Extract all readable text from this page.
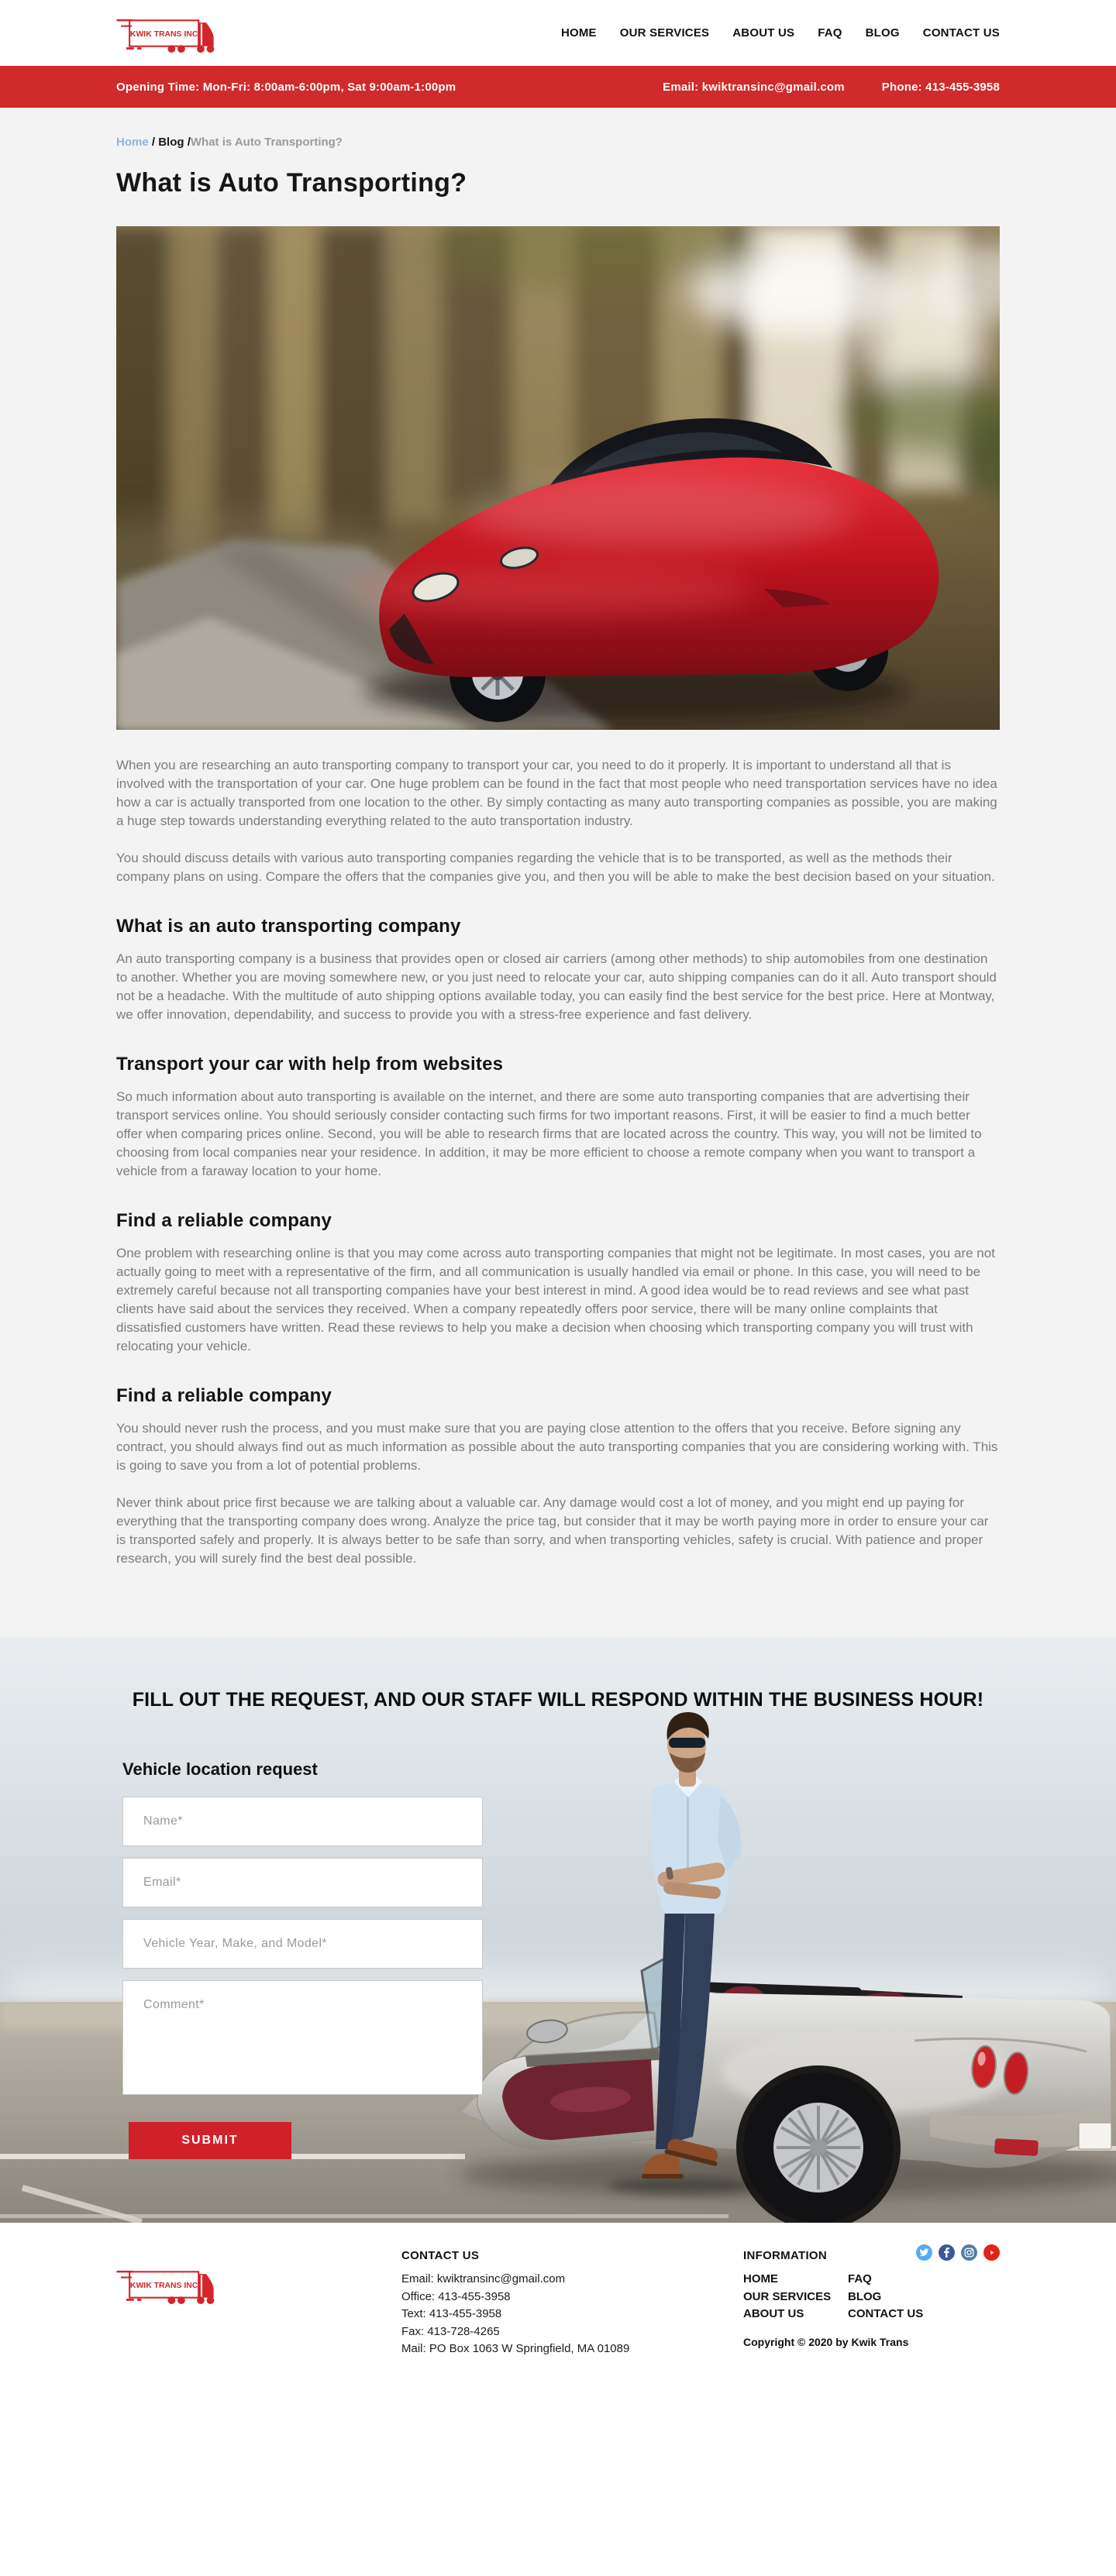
KWIK TRANS INC	HOME OUR SERVICES ABOUT US FAQ BLOG CONTACT US
Opening Time: Mon-Fri: 8:00am-6:00pm, Sat 9:00am-1:00pm	Email: kwiktransinc@gmail.com	Phone: 413-455-3958
Home / Blog /What is Auto Transporting?
What is Auto Transporting?

When you are researching an auto transporting company to transport your car, you need to do it properly. It is important to understand all that is involved with the transportation of your car. One huge problem can be found in the fact that most people who need transportation services have no idea how a car is actually transported from one location to the other. By simply contacting as many auto transporting companies as possible, you are making a huge step towards understanding everything related to the auto transportation industry.

You should discuss details with various auto transporting companies regarding the vehicle that is to be transported, as well as the methods their company plans on using. Compare the offers that the companies give you, and then you will be able to make the best decision based on your situation.

What is an auto transporting company

An auto transporting company is a business that provides open or closed air carriers (among other methods) to ship automobiles from one destination to another. Whether you are moving somewhere new, or you just need to relocate your car, auto shipping companies can do it all. Auto transport should not be a headache. With the multitude of auto shipping options available today, you can easily find the best service for the best price. Here at Montway, we offer innovation, dependability, and success to provide you with a stress-free experience and fast delivery.

Transport your car with help from websites

So much information about auto transporting is available on the internet, and there are some auto transporting companies that are advertising their transport services online. You should seriously consider contacting such firms for two important reasons. First, it will be easier to find a much better offer when comparing prices online. Second, you will be able to research firms that are located across the country. This way, you will not be limited to choosing from local companies near your residence. In addition, it may be more efficient to choose a remote company when you want to transport a vehicle from a faraway location to your home.

Find a reliable company

One problem with researching online is that you may come across auto transporting companies that might not be legitimate. In most cases, you are not actually going to meet with a representative of the firm, and all communication is usually handled via email or phone. In this case, you will need to be extremely careful because not all transporting companies have your best interest in mind. A good idea would be to read reviews and see what past clients have said about the services they received. When a company repeatedly offers poor service, there will be many online complaints that dissatisfied customers have written. Read these reviews to help you make a decision when choosing which transporting company you will trust with relocating your vehicle.

Find a reliable company

You should never rush the process, and you must make sure that you are paying close attention to the offers that you receive. Before signing any contract, you should always find out as much information as possible about the auto transporting companies that you are considering working with. This is going to save you from a lot of potential problems.

Never think about price first because we are talking about a valuable car. Any damage would cost a lot of money, and you might end up paying for everything that the transporting company does wrong. Analyze the price tag, but consider that it may be worth paying more in order to ensure your car is transported safely and properly. It is always better to be safe than sorry, and when transporting vehicles, safety is crucial. With patience and proper research, you will surely find the best deal possible.

FILL OUT THE REQUEST, AND OUR STAFF WILL RESPOND WITHIN THE BUSINESS HOUR!
Vehicle location request
Name*
Email*
Vehicle Year, Make, and Model*
Comment*
SUBMIT
KWIK TRANS INC
CONTACT US
Email: kwiktransinc@gmail.com
Office: 413-455-3958
Text: 413-455-3958
Fax: 413-728-4265
Mail: PO Box 1063 W Springfield, MA 01089
INFORMATION
HOME
OUR SERVICES
ABOUT US
FAQ
BLOG
CONTACT US
Copyright © 2020 by Kwik Trans
